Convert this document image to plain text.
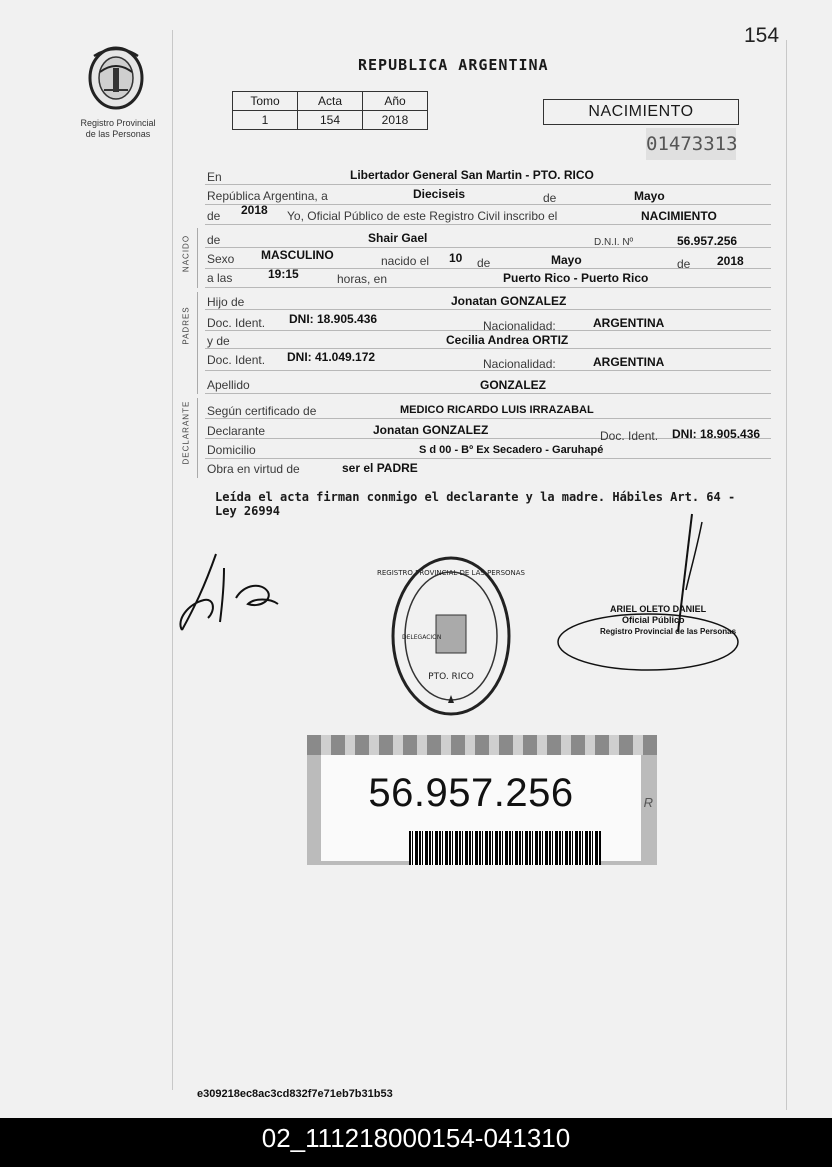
154
Registro Provincial
de las Personas
REPUBLICA ARGENTINA
Tomo	Acta	Año
1	154	2018	NACIMIENTO
01473313
NACIDO
PADRES
DECLARANTE
En	Libertador General San Martin - PTO. RICO
República Argentina, a	Dieciseis	de	Mayo
de 2018 Yo, Oficial Público de este Registro Civil inscribo el	NACIMIENTO
de	Shair Gael	D.N.I. Nº	56.957.256
Sexo MASCULINO	nacido el 10 de	Mayo	de 2018
a las	19:15	horas, en	Puerto Rico - Puerto Rico
Hijo de	Jonatan GONZALEZ
Doc. Ident. DNI: 18.905.436	Nacionalidad:	ARGENTINA
y de	Cecilia Andrea ORTIZ
Doc. Ident. DNI: 41.049.172	Nacionalidad:	ARGENTINA
Apellido	GONZALEZ
Según certificado de	MEDICO RICARDO LUIS IRRAZABAL
Declarante	Jonatan GONZALEZ	Doc. Ident. DNI: 18.905.436
Domicilio	S d 00 - Bº Ex Secadero - Garuhapé
Obra en virtud de	ser el PADRE
Leída el acta firman conmigo el declarante y la madre. Hábiles Art. 64 - Ley 26994
REGISTRO PROVINCIAL DE LAS PERSONAS
PTO. RICO
DELEGACION
ARIEL OLETO DANIEL
Oficial Público
Registro Provincial de las Personas
56.957.256	R
e309218ec8ac3cd832f7e71eb7b31b53
02_111218000154-041310
